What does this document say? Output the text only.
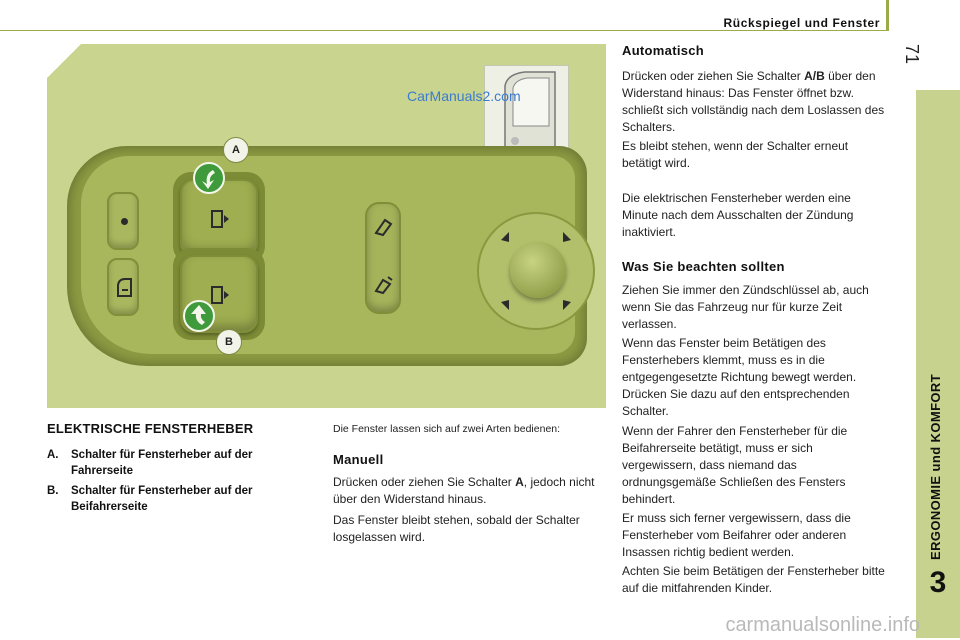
Rückspiegel und Fenster
71
ERGONOMIE und KOMFORT
3
CarManuals2.com
A
B
ELEKTRISCHE FENSTERHEBER
A. Schalter für Fensterheber auf der Fahrerseite
B. Schalter für Fensterheber auf der Beifahrerseite
Die Fenster lassen sich auf zwei Arten bedienen:
Manuell
Drücken oder ziehen Sie Schalter A, jedoch nicht über den Widerstand hinaus.
Das Fenster bleibt stehen, sobald der Schalter losgelassen wird.
Automatisch
Drücken oder ziehen Sie Schalter A/B über den Widerstand hinaus: Das Fenster öffnet bzw. schließt sich vollständig nach dem Loslassen des Schalters.
Es bleibt stehen, wenn der Schalter erneut betätigt wird.
Die elektrischen Fensterheber werden eine Minute nach dem Ausschalten der Zündung inaktiviert.
Was Sie beachten sollten
Ziehen Sie immer den Zündschlüssel ab, auch wenn Sie das Fahrzeug nur für kurze Zeit verlassen.
Wenn das Fenster beim Betätigen des Fensterhebers klemmt, muss es in die entgegengesetzte Richtung bewegt werden. Drücken Sie dazu auf den entsprechenden Schalter.
Wenn der Fahrer den Fensterheber für die Beifahrerseite betätigt, muss er sich vergewissern, dass niemand das ordnungsgemäße Schließen des Fensters behindert.
Er muss sich ferner vergewissern, dass die Fensterheber vom Beifahrer oder anderen Insassen richtig bedient werden.
Achten Sie beim Betätigen der Fensterheber bitte auf die mitfahrenden Kinder.
carmanualsonline.info
